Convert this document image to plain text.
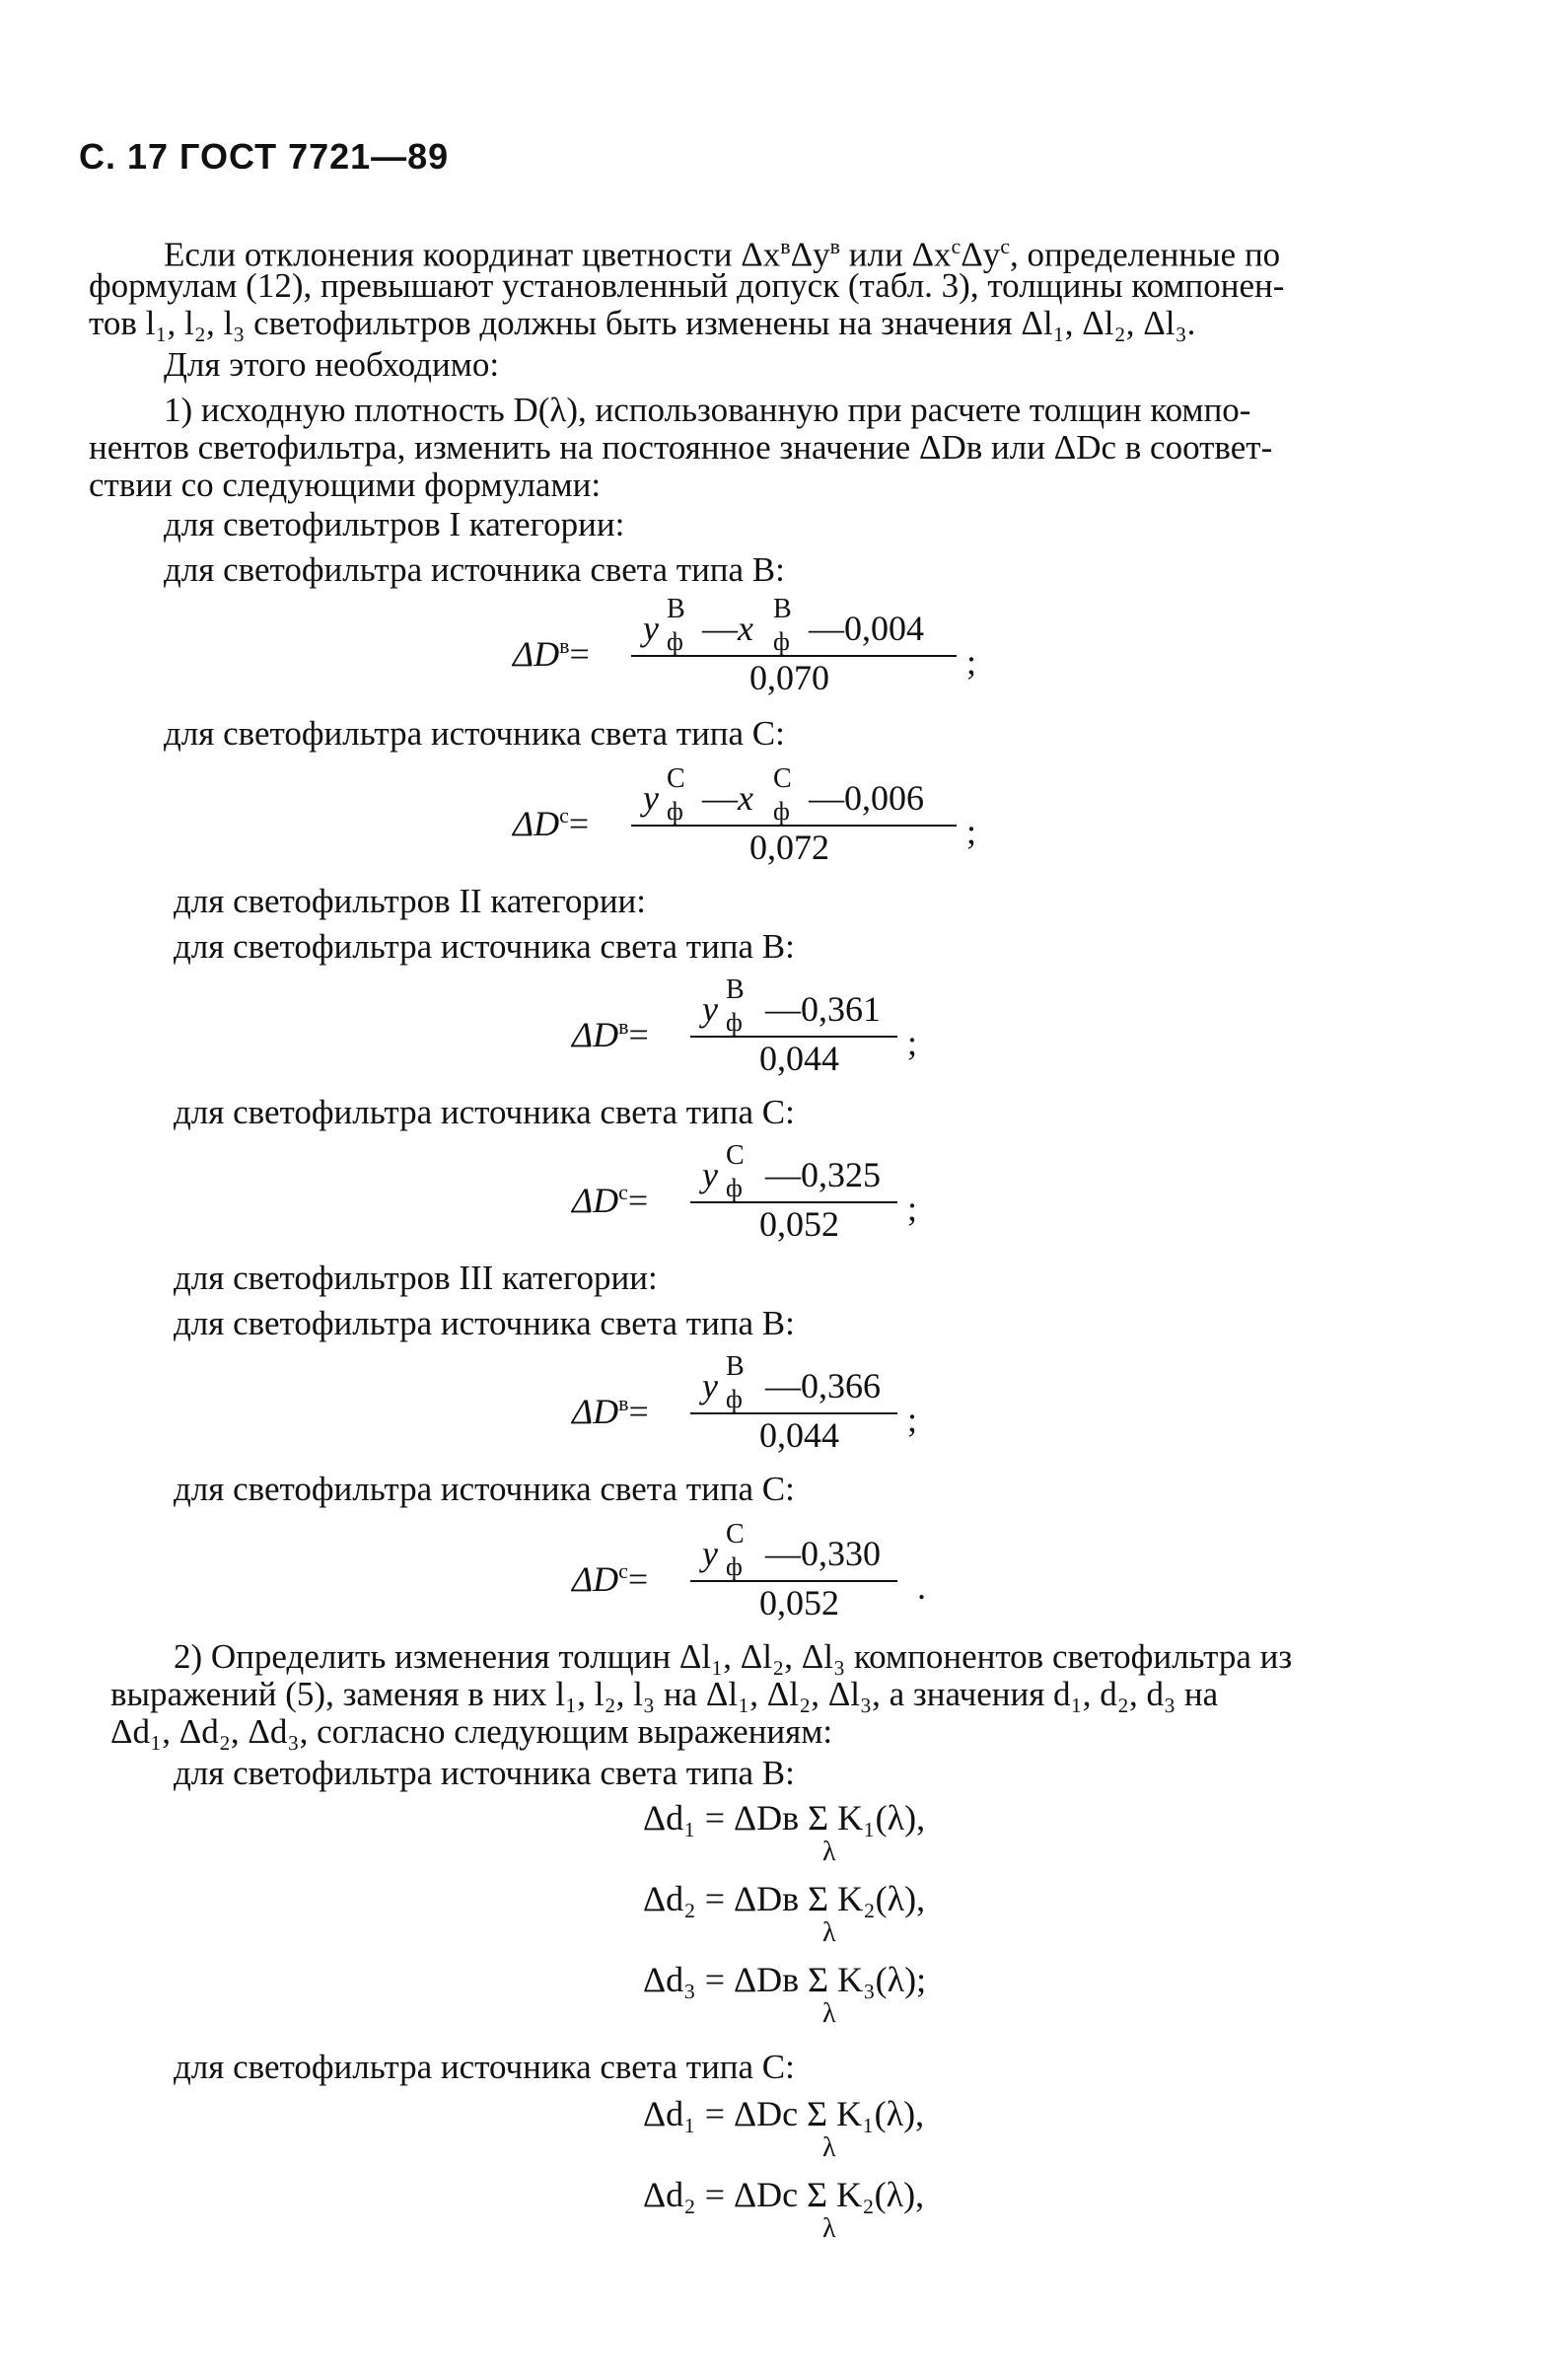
С. 17 ГОСТ 7721—89
Если отклонения координат цветности $\Delta x^в\Delta y^в$ или $\Delta x^с\Delta y^с$, определенные по
формулам (12), превышают установленный допуск (табл. 3), толщины компонен-
тов l₁, l₂, l₃ светофильтров должны быть изменены на значения Δl₁, Δl₂, Δl₃.
Для этого необходимо:
1) исходную плотность D(λ), использованную при расчете толщин компо-
нентов светофильтра, изменить на постоянное значение ΔDв или ΔDс в соответ-
ствии со следующими формулами:
для светофильтров I категории:
для светофильтра источника света типа В:
$\Delta D^в=$
y В
ф —x В
ф —0,004
0,070	;
для светофильтра источника света типа С:
$\Delta D^с=$
y С
ф —x С
ф —0,006
0,072	;
для светофильтров II категории:
для светофильтра источника света типа В:
$\Delta D^в=$
y В
ф —0,361
0,044 ;
для светофильтра источника света типа С:
$\Delta D^с=$
y С
ф —0,325
0,052 ;
для светофильтров III категории:
для светофильтра источника света типа В:
$\Delta D^в=$
y В
ф —0,366
0,044 ;
для светофильтра источника света типа С:
$\Delta D^с=$
y С
ф —0,330
0,052 .
2) Определить изменения толщин Δl₁, Δl₂, Δl₃ компонентов светофильтра из
выражений (5), заменяя в них l₁, l₂, l₃ на Δl₁, Δl₂, Δl₃, а значения d₁, d₂, d₃ на
Δd₁, Δd₂, Δd₃, согласно следующим выражениям:
для светофильтра источника света типа В:
Δd₁ = ΔDв Σ K₁(λ),
λ
Δd₂ = ΔDв Σ K₂(λ),
λ
Δd₃ = ΔDв Σ K₃(λ);
λ
для светофильтра источника света типа С:
Δd₁ = ΔDс Σ K₁(λ),
λ
Δd₂ = ΔDс Σ K₂(λ),
λ
